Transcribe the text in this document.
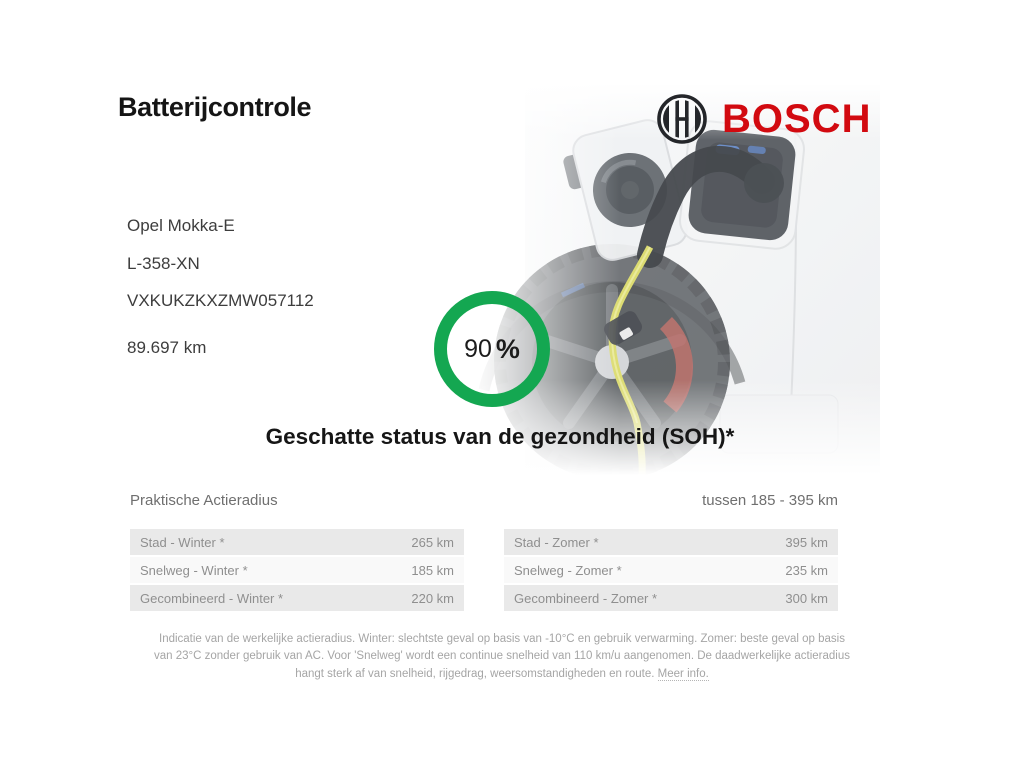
Batterijcontrole	BOSCH
Opel Mokka-E
L-358-XN
VXKUKZKXZMW057112
89.697 km	90 %
Geschatte status van de gezondheid (SOH)*
Praktische Actieradius	tussen 185 - 395 km
Stad - Winter *	265 km
Snelweg - Winter *	185 km
Gecombineerd - Winter *	220 km
Stad - Zomer *	395 km
Snelweg - Zomer *	235 km
Gecombineerd - Zomer *	300 km
Indicatie van de werkelijke actieradius. Winter: slechtste geval op basis van -10°C en gebruik verwarming. Zomer: beste geval op basis van 23°C zonder gebruik van AC. Voor 'Snelweg' wordt een continue snelheid van 110 km/u aangenomen. De daadwerkelijke actieradius hangt sterk af van snelheid, rijgedrag, weersomstandigheden en route. Meer info.
